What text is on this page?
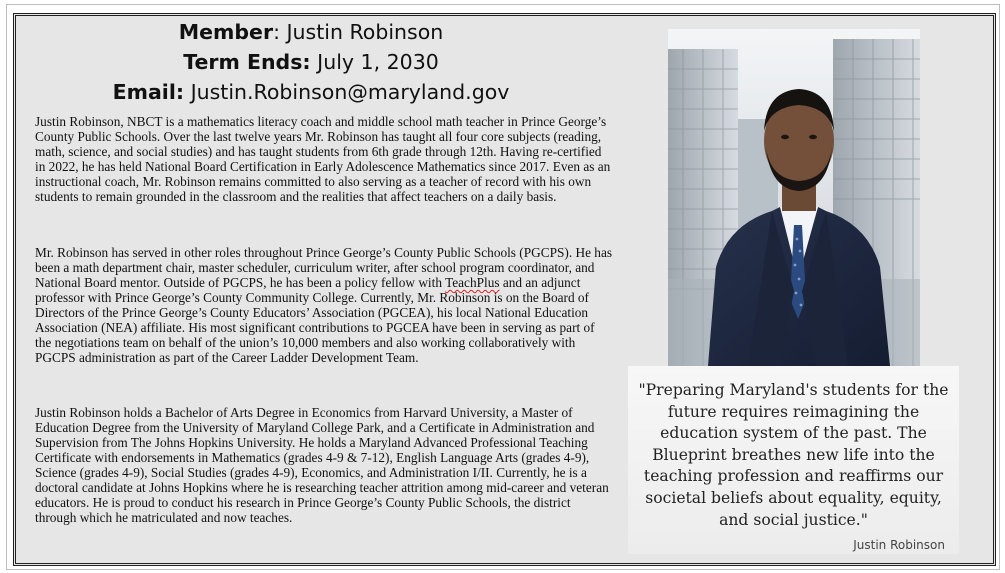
Member: Justin Robinson
Term Ends: July 1, 2030
Email: Justin.Robinson@maryland.gov

Justin Robinson, NBCT is a mathematics literacy coach and middle school math teacher in Prince George’s County Public Schools. Over the last twelve years Mr. Robinson has taught all four core subjects (reading, math, science, and social studies) and has taught students from 6th grade through 12th. Having re-certified in 2022, he has held National Board Certification in Early Adolescence Mathematics since 2017. Even as an instructional coach, Mr. Robinson remains committed to also serving as a teacher of record with his own students to remain grounded in the classroom and the realities that affect teachers on a daily basis.

Mr. Robinson has served in other roles throughout Prince George’s County Public Schools (PGCPS). He has been a math department chair, master scheduler, curriculum writer, after school program coordinator, and National Board mentor. Outside of PGCPS, he has been a policy fellow with TeachPlus and an adjunct professor with Prince George’s County Community College. Currently, Mr. Robinson is on the Board of Directors of the Prince George’s County Educators’ Association (PGCEA), his local National Education Association (NEA) affiliate. His most significant contributions to PGCEA have been in serving as part of the negotiations team on behalf of the union’s 10,000 members and also working collaboratively with PGCPS administration as part of the Career Ladder Development Team.

Justin Robinson holds a Bachelor of Arts Degree in Economics from Harvard University, a Master of Education Degree from the University of Maryland College Park, and a Certificate in Administration and Supervision from The Johns Hopkins University. He holds a Maryland Advanced Professional Teaching Certificate with endorsements in Mathematics (grades 4-9 & 7-12), English Language Arts (grades 4-9), Science (grades 4-9), Social Studies (grades 4-9), Economics, and Administration I/II. Currently, he is a doctoral candidate at Johns Hopkins where he is researching teacher attrition among mid-career and veteran educators. He is proud to conduct his research in Prince George’s County Public Schools, the district through which he matriculated and now teaches.

"Preparing Maryland's students for the future requires reimagining the education system of the past. The Blueprint breathes new life into the teaching profession and reaffirms our societal beliefs about equality, equity, and social justice."
Justin Robinson
